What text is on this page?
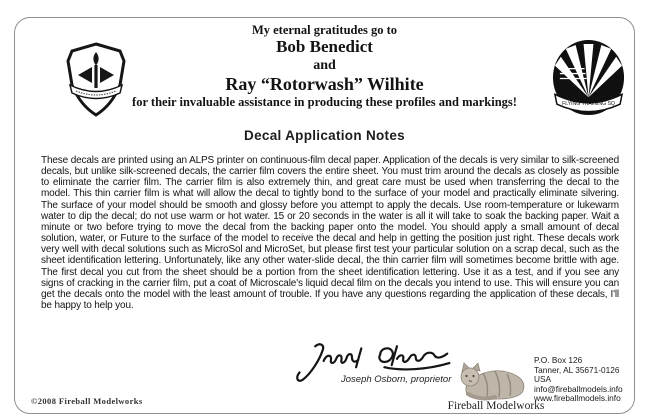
FLYING TRAINING SQ
My eternal gratitudes go to
Bob Benedict
and
Ray “Rotorwash” Wilhite
for their invaluable assistance in producing these profiles and markings!
Decal Application Notes

These decals are printed using an ALPS printer on continuous-film decal paper. Application of the decals is very similar to silk-screened decals, but unlike silk-screened decals, the carrier film covers the entire sheet. You must trim around the decals as closely as possible to eliminate the carrier film. The carrier film is also extremely thin, and great care must be used when transferring the decal to the model. This thin carrier film is what will allow the decal to tightly bond to the surface of your model and practically eliminate silvering. The surface of your model should be smooth and glossy before you attempt to apply the decals. Use room-temperature or lukewarm water to dip the decal; do not use warm or hot water. 15 or 20 seconds in the water is all it will take to soak the backing paper. Wait a minute or two before trying to move the decal from the backing paper onto the model. You should apply a small amount of decal solution, water, or Future to the surface of the model to receive the decal and help in getting the position just right. These decals work very well with decal solutions such as MicroSol and MicroSet, but please first test your particular solution on a scrap decal, such as the sheet identification lettering. Unfortunately, like any other water-slide decal, the thin carrier film will sometimes become brittle with age. The first decal you cut from the sheet should be a portion from the sheet identification lettering. Use it as a test, and if you see any signs of cracking in the carrier film, put a coat of Microscale's liquid decal film on the decals you intend to use. This will ensure you can get the decals onto the model with the least amount of trouble. If you have any questions regarding the application of these decals, I'll be happy to help you.

Joseph Osborn, proprietor
©2008 Fireball Modelworks	Fireball Modelworks
P.O. Box 126
Tanner, AL 35671-0126
USA
info@fireballmodels.info
www.fireballmodels.info
